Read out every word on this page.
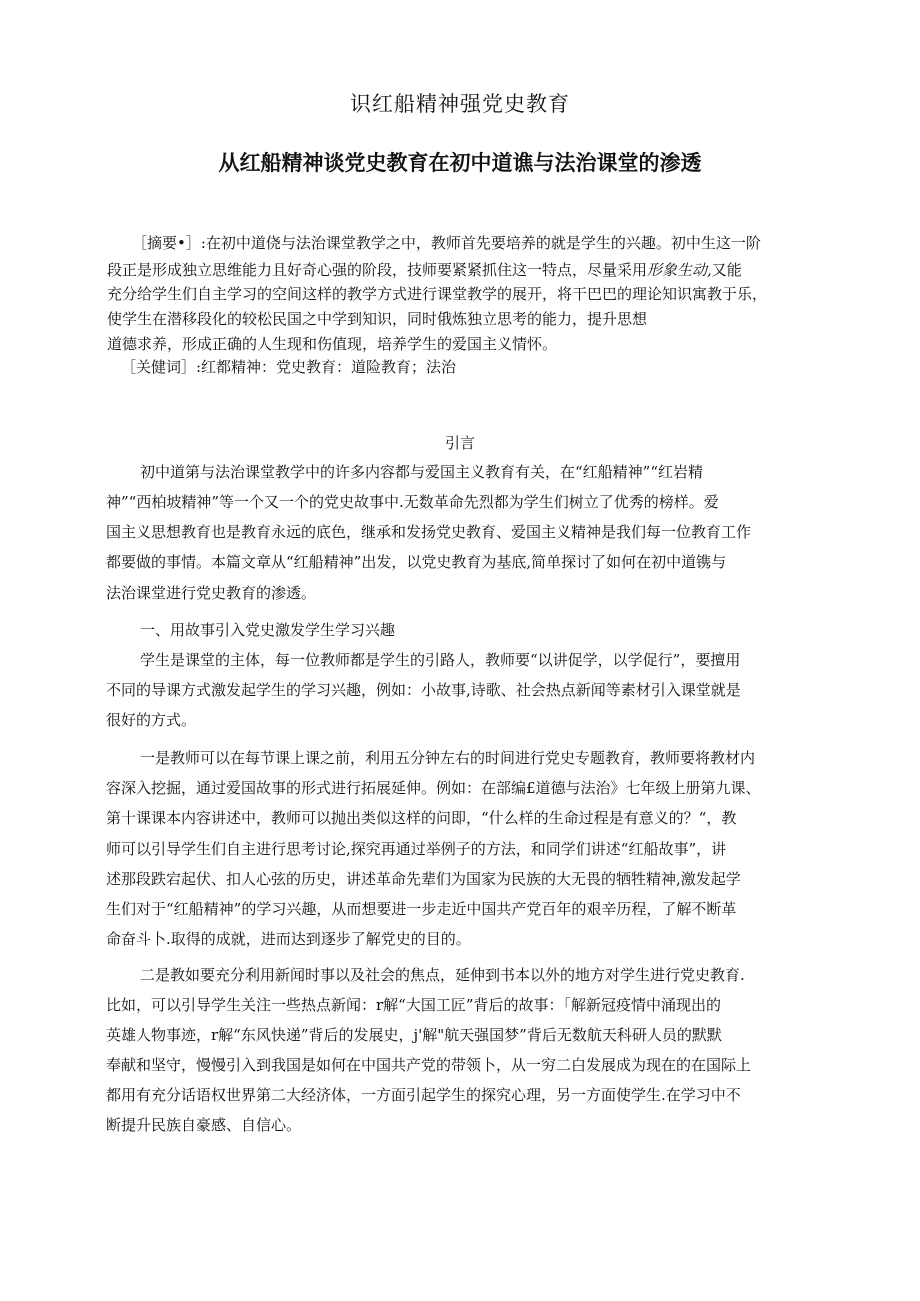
识红船精神强党史教育
从红船精神谈党史教育在初中道谯与法治课堂的渗透
［摘要•］:在初中道侥与法治课堂教学之中，教师首先要培养的就是学生的兴趣。初中生这一阶
段正是形成独立思维能力且好奇心强的阶段，技师要紧紧抓住这一特点，尽量采用形象生动,又能
充分给学生们自主学习的空间这样的教学方式进行课堂教学的展开，将干巴巴的理论知识寓教于乐，
使学生在潜移段化的较松民国之中学到知识，同时俄炼独立思考的能力，提升思想
道德求养，形成正确的人生现和伤值现，培养学生的爱国主义情怀。
［关健词］:红都精神：党史教育：道险教育；法治
引言
初中道第与法治课堂教学中的许多内容都与爱国主义教育有关，在“红船精神”“红岩精
神”“西柏坡精神”等一个又一个的党史故事中.无数革命先烈都为学生们树立了优秀的榜样。爱
国主义思想教育也是教育永远的底色，继承和发扬党史教育、爱国主义精神是我们每一位教育工作
都要做的事情。本篇文章从“红船精神”出发，以党史教育为基底,简单探讨了如何在初中道镌与
法治课堂进行党史教育的渗透。
一、用故事引入党史激发学生学习兴趣
学生是课堂的主体，每一位教师都是学生的引路人，教师要“以讲促学，以学促行”，要擅用
不同的导课方式激发起学生的学习兴趣，例如：小故事,诗歌、社会热点新闻等素材引入课堂就是
很好的方式。
一是教师可以在每节课上课之前，利用五分钟左右的时间进行党史专题教育，教师要将教材内
容深入挖掘，通过爱国故事的形式进行拓展延伸。例如：在部编£道德与法治》七年级上册第九课、
第十课课本内容讲述中，教师可以抛出类似这样的问即，“什么样的生命过程是有意义的？“，教
师可以引导学生们自主进行思考讨论,探究再通过举例子的方法，和同学们讲述“红船故事”，讲
述那段跌宕起伏、扣人心弦的历史，讲述革命先辈们为国家为民族的大无畏的牺牲精神,激发起学
生们对于“红船精神”的学习兴趣，从而想要进一步走近中国共产党百年的艰辛历程，了解不断革
命奋斗卜.取得的成就，进而达到逐步了解党史的目的。
二是教如要充分利用新闻时事以及社会的焦点，延伸到书本以外的地方对学生进行党史教育.
比如，可以引导学生关注一些热点新闻：r解“大国工匠”背后的故事：「解新冠疫情中涌现出的
英雄人物事迹，r解“东风快递”背后的发展史，j'解"航天强国梦”背后无数航天科研人员的默默
奉献和坚守，慢慢引入到我国是如何在中国共产党的带领卜，从一穷二白发展成为现在的在国际上
都用有充分话语权世界第二大经济体，一方面引起学生的探究心理，另一方面使学生.在学习中不
断提升民族自豪感、自信心。
